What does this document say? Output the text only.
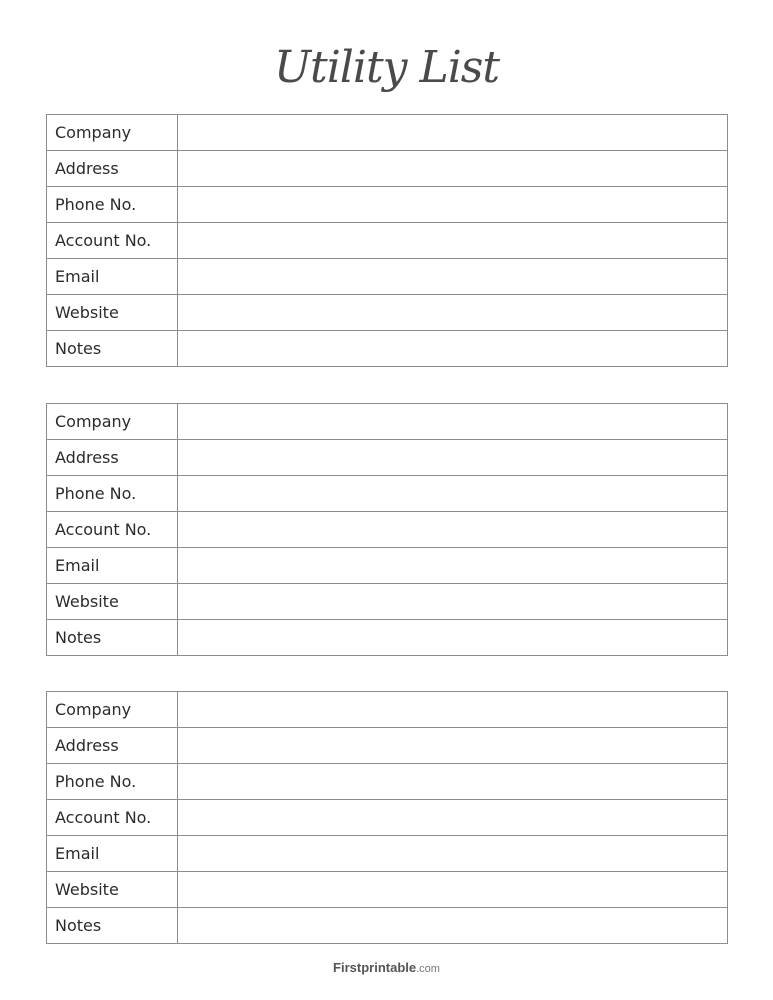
Utility List
Company	
Address	
Phone No.	
Account No.	
Email	
Website	
Notes	
Company	
Address	
Phone No.	
Account No.	
Email	
Website	
Notes	
Company	
Address	
Phone No.	
Account No.	
Email	
Website	
Notes	
Firstprintable.com
